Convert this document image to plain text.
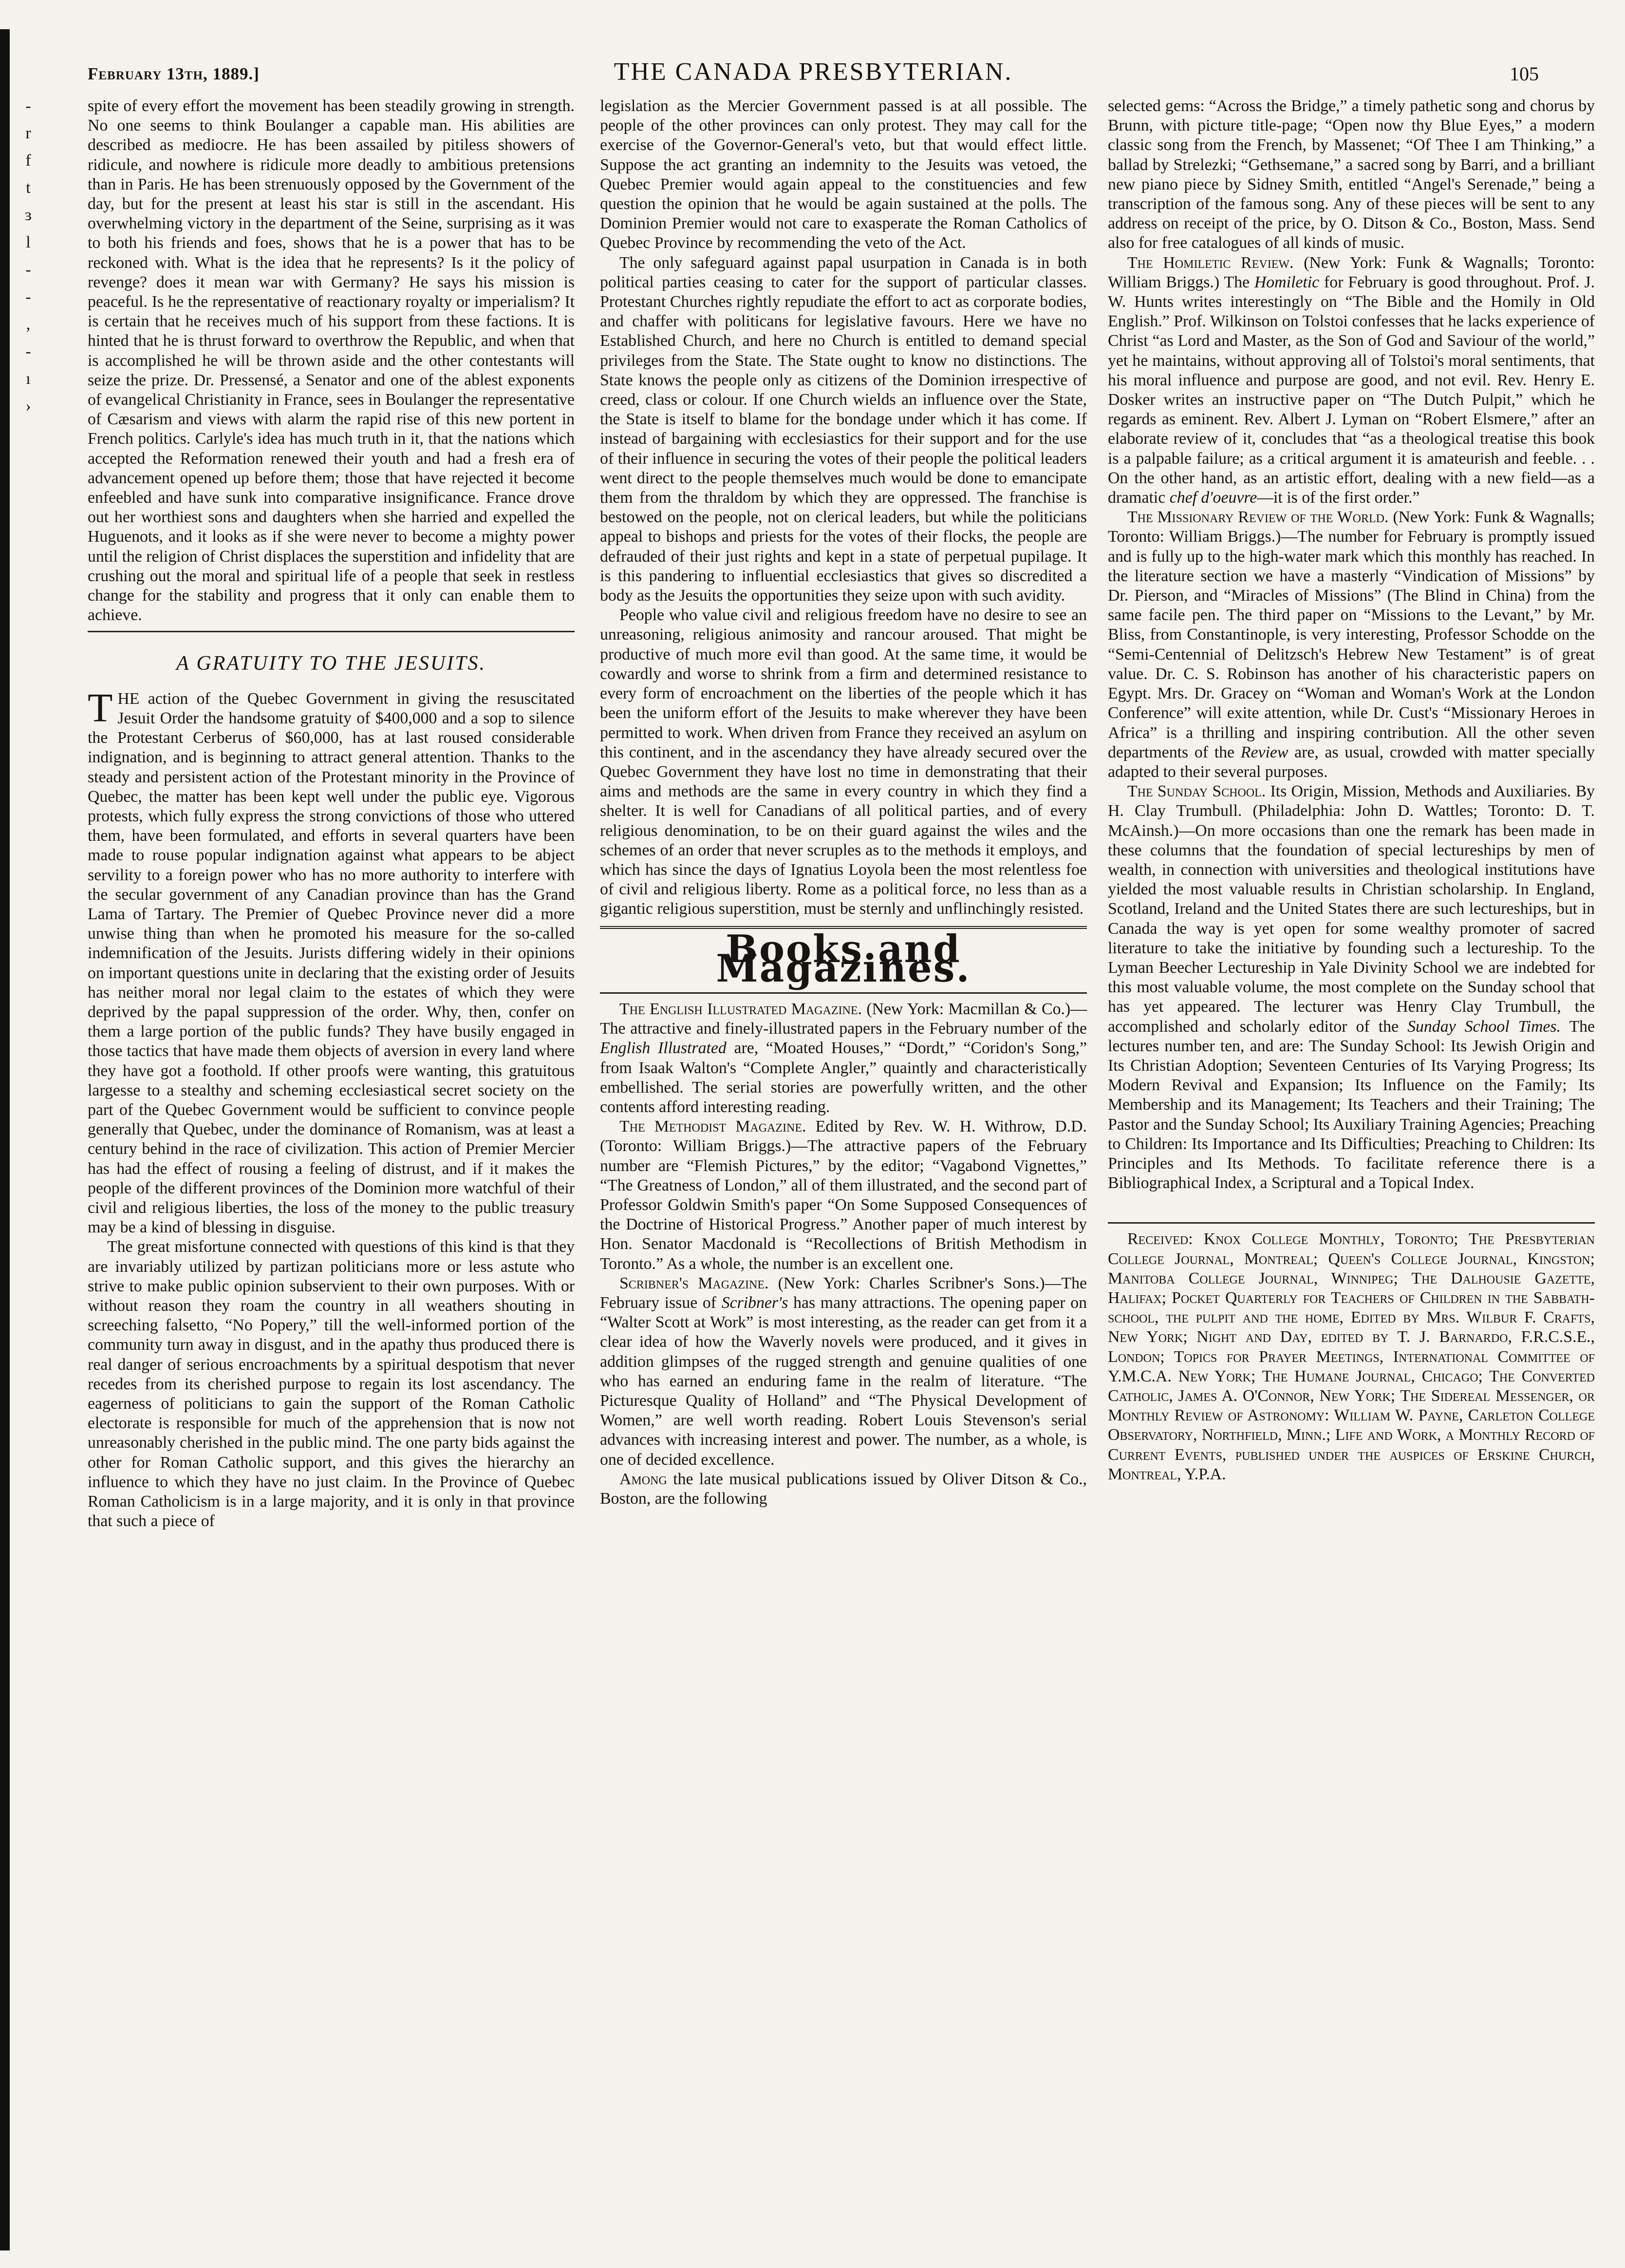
-
r
f
t
ɜ
l
-
-
,
-
ı
›
February 13th, 1889.]	THE CANADA PRESBYTERIAN.	105

spite of every effort the movement has been steadily growing in strength. No one seems to think Boulanger a capable man. His abilities are described as mediocre. He has been assailed by pitiless showers of ridicule, and nowhere is ridicule more deadly to ambitious pretensions than in Paris. He has been strenuously opposed by the Government of the day, but for the present at least his star is still in the ascendant. His overwhelming victory in the department of the Seine, surprising as it was to both his friends and foes, shows that he is a power that has to be reckoned with. What is the idea that he represents? Is it the policy of revenge? does it mean war with Germany? He says his mission is peaceful. Is he the representative of reactionary royalty or imperialism? It is certain that he receives much of his support from these factions. It is hinted that he is thrust forward to overthrow the Republic, and when that is accomplished he will be thrown aside and the other contestants will seize the prize. Dr. Pressensé, a Senator and one of the ablest exponents of evangelical Christianity in France, sees in Boulanger the representative of Cæsarism and views with alarm the rapid rise of this new portent in French politics. Carlyle's idea has much truth in it, that the nations which accepted the Reformation renewed their youth and had a fresh era of advancement opened up before them; those that have rejected it become enfeebled and have sunk into comparative insignificance. France drove out her worthiest sons and daughters when she harried and expelled the Huguenots, and it looks as if she were never to become a mighty power until the religion of Christ displaces the superstition and infidelity that are crushing out the moral and spiritual life of a people that seek in restless change for the stability and progress that it only can enable them to achieve.

A GRATUITY TO THE JESUITS.

THE action of the Quebec Government in giving the resuscitated Jesuit Order the handsome gratuity of $400,000 and a sop to silence the Protestant Cerberus of $60,000, has at last roused considerable indignation, and is beginning to attract general attention. Thanks to the steady and persistent action of the Protestant minority in the Province of Quebec, the matter has been kept well under the public eye. Vigorous protests, which fully express the strong convictions of those who uttered them, have been formulated, and efforts in several quarters have been made to rouse popular indignation against what appears to be abject servility to a foreign power who has no more authority to interfere with the secular government of any Canadian province than has the Grand Lama of Tartary. The Premier of Quebec Province never did a more unwise thing than when he promoted his measure for the so-called indemnification of the Jesuits. Jurists differing widely in their opinions on important questions unite in declaring that the existing order of Jesuits has neither moral nor legal claim to the estates of which they were deprived by the papal suppression of the order. Why, then, confer on them a large portion of the public funds? They have busily engaged in those tactics that have made them objects of aversion in every land where they have got a foothold. If other proofs were wanting, this gratuitous largesse to a stealthy and scheming ecclesiastical secret society on the part of the Quebec Government would be sufficient to convince people generally that Quebec, under the dominance of Romanism, was at least a century behind in the race of civilization. This action of Premier Mercier has had the effect of rousing a feeling of distrust, and if it makes the people of the different provinces of the Dominion more watchful of their civil and religious liberties, the loss of the money to the public treasury may be a kind of blessing in disguise.

The great misfortune connected with questions of this kind is that they are invariably utilized by partizan politicians more or less astute who strive to make public opinion subservient to their own purposes. With or without reason they roam the country in all weathers shouting in screeching falsetto, “No Popery,” till the well-informed portion of the community turn away in disgust, and in the apathy thus produced there is real danger of serious encroachments by a spiritual despotism that never recedes from its cherished purpose to regain its lost ascendancy. The eagerness of politicians to gain the support of the Roman Catholic electorate is responsible for much of the apprehension that is now not unreasonably cherished in the public mind. The one party bids against the other for Roman Catholic support, and this gives the hierarchy an influence to which they have no just claim. In the Province of Quebec Roman Catholicism is in a large majority, and it is only in that province that such a piece of

legislation as the Mercier Government passed is at all possible. The people of the other provinces can only protest. They may call for the exercise of the Governor-General's veto, but that would effect little. Suppose the act granting an indemnity to the Jesuits was vetoed, the Quebec Premier would again appeal to the constituencies and few question the opinion that he would be again sustained at the polls. The Dominion Premier would not care to exasperate the Roman Catholics of Quebec Province by recommending the veto of the Act.

The only safeguard against papal usurpation in Canada is in both political parties ceasing to cater for the support of particular classes. Protestant Churches rightly repudiate the effort to act as corporate bodies, and chaffer with politicans for legislative favours. Here we have no Established Church, and here no Church is entitled to demand special privileges from the State. The State ought to know no distinctions. The State knows the people only as citizens of the Dominion irrespective of creed, class or colour. If one Church wields an influence over the State, the State is itself to blame for the bondage under which it has come. If instead of bargaining with ecclesiastics for their support and for the use of their influence in securing the votes of their people the political leaders went direct to the people themselves much would be done to emancipate them from the thraldom by which they are oppressed. The franchise is bestowed on the people, not on clerical leaders, but while the politicians appeal to bishops and priests for the votes of their flocks, the people are defrauded of their just rights and kept in a state of perpetual pupilage. It is this pandering to influential ecclesiastics that gives so discredited a body as the Jesuits the opportunities they seize upon with such avidity.

People who value civil and religious freedom have no desire to see an unreasoning, religious animosity and rancour aroused. That might be productive of much more evil than good. At the same time, it would be cowardly and worse to shrink from a firm and determined resistance to every form of encroachment on the liberties of the people which it has been the uniform effort of the Jesuits to make wherever they have been permitted to work. When driven from France they received an asylum on this continent, and in the ascendancy they have already secured over the Quebec Government they have lost no time in demonstrating that their aims and methods are the same in every country in which they find a shelter. It is well for Canadians of all political parties, and of every religious denomination, to be on their guard against the wiles and the schemes of an order that never scruples as to the methods it employs, and which has since the days of Ignatius Loyola been the most relentless foe of civil and religious liberty. Rome as a political force, no less than as a gigantic religious superstition, must be sternly and unflinchingly resisted.

Books and Magazines.

The English Illustrated Magazine. (New York: Macmillan & Co.)—The attractive and finely-illustrated papers in the February number of the English Illustrated are, “Moated Houses,” “Dordt,” “Coridon's Song,” from Isaak Walton's “Complete Angler,” quaintly and characteristically embellished. The serial stories are powerfully written, and the other contents afford interesting reading.

The Methodist Magazine. Edited by Rev. W. H. Withrow, D.D. (Toronto: William Briggs.)—The attractive papers of the February number are “Flemish Pictures,” by the editor; “Vagabond Vignettes,” “The Greatness of London,” all of them illustrated, and the second part of Professor Goldwin Smith's paper “On Some Supposed Consequences of the Doctrine of Historical Progress.” Another paper of much interest by Hon. Senator Macdonald is “Recollections of British Methodism in Toronto.” As a whole, the number is an excellent one.

Scribner's Magazine. (New York: Charles Scribner's Sons.)—The February issue of Scribner's has many attractions. The opening paper on “Walter Scott at Work” is most interesting, as the reader can get from it a clear idea of how the Waverly novels were produced, and it gives in addition glimpses of the rugged strength and genuine qualities of one who has earned an enduring fame in the realm of literature. “The Picturesque Quality of Holland” and “The Physical Development of Women,” are well worth reading. Robert Louis Stevenson's serial advances with increasing interest and power. The number, as a whole, is one of decided excellence.

Among the late musical publications issued by Oliver Ditson & Co., Boston, are the following

selected gems: “Across the Bridge,” a timely pathetic song and chorus by Brunn, with picture title-page; “Open now thy Blue Eyes,” a modern classic song from the French, by Massenet; “Of Thee I am Thinking,” a ballad by Strelezki; “Gethsemane,” a sacred song by Barri, and a brilliant new piano piece by Sidney Smith, entitled “Angel's Serenade,” being a transcription of the famous song. Any of these pieces will be sent to any address on receipt of the price, by O. Ditson & Co., Boston, Mass. Send also for free catalogues of all kinds of music.

The Homiletic Review. (New York: Funk & Wagnalls; Toronto: William Briggs.) The Homiletic for February is good throughout. Prof. J. W. Hunts writes interestingly on “The Bible and the Homily in Old English.” Prof. Wilkinson on Tolstoi confesses that he lacks experience of Christ “as Lord and Master, as the Son of God and Saviour of the world,” yet he maintains, without approving all of Tolstoi's moral sentiments, that his moral influence and purpose are good, and not evil. Rev. Henry E. Dosker writes an instructive paper on “The Dutch Pulpit,” which he regards as eminent. Rev. Albert J. Lyman on “Robert Elsmere,” after an elaborate review of it, concludes that “as a theological treatise this book is a palpable failure; as a critical argument it is amateurish and feeble. . . On the other hand, as an artistic effort, dealing with a new field—as a dramatic chef d'oeuvre—it is of the first order.”

The Missionary Review of the World. (New York: Funk & Wagnalls; Toronto: William Briggs.)—The number for February is promptly issued and is fully up to the high-water mark which this monthly has reached. In the literature section we have a masterly “Vindication of Missions” by Dr. Pierson, and “Miracles of Missions” (The Blind in China) from the same facile pen. The third paper on “Missions to the Levant,” by Mr. Bliss, from Constantinople, is very interesting, Professor Schodde on the “Semi-Centennial of Delitzsch's Hebrew New Testament” is of great value. Dr. C. S. Robinson has another of his characteristic papers on Egypt. Mrs. Dr. Gracey on “Woman and Woman's Work at the London Conference” will exite attention, while Dr. Cust's “Missionary Heroes in Africa” is a thrilling and inspiring contribution. All the other seven departments of the Review are, as usual, crowded with matter specially adapted to their several purposes.

The Sunday School. Its Origin, Mission, Methods and Auxiliaries. By H. Clay Trumbull. (Philadelphia: John D. Wattles; Toronto: D. T. McAinsh.)—On more occasions than one the remark has been made in these columns that the foundation of special lectureships by men of wealth, in connection with universities and theological institutions have yielded the most valuable results in Christian scholarship. In England, Scotland, Ireland and the United States there are such lectureships, but in Canada the way is yet open for some wealthy promoter of sacred literature to take the initiative by founding such a lectureship. To the Lyman Beecher Lectureship in Yale Divinity School we are indebted for this most valuable volume, the most complete on the Sunday school that has yet appeared. The lecturer was Henry Clay Trumbull, the accomplished and scholarly editor of the Sunday School Times. The lectures number ten, and are: The Sunday School: Its Jewish Origin and Its Christian Adoption; Seventeen Centuries of Its Varying Progress; Its Modern Revival and Expansion; Its Influence on the Family; Its Membership and its Management; Its Teachers and their Training; The Pastor and the Sunday School; Its Auxiliary Training Agencies; Preaching to Children: Its Importance and Its Difficulties; Preaching to Children: Its Principles and Its Methods. To facilitate reference there is a Bibliographical Index, a Scriptural and a Topical Index.

Received: Knox College Monthly, Toronto; The Presbyterian College Journal, Montreal; Queen's College Journal, Kingston; Manitoba College Journal, Winnipeg; The Dalhousie Gazette, Halifax; Pocket Quarterly for Teachers of Children in the Sabbath-school, the pulpit and the home, Edited by Mrs. Wilbur F. Crafts, New York; Night and Day, edited by T. J. Barnardo, F.R.C.S.E., London; Topics for Prayer Meetings, International Committee of Y.M.C.A. New York; The Humane Journal, Chicago; The Converted Catholic, James A. O'Connor, New York; The Sidereal Messenger, or Monthly Review of Astronomy: William W. Payne, Carleton College Observatory, Northfield, Minn.; Life and Work, a Monthly Record of Current Events, published under the auspices of Erskine Church, Montreal, Y.P.A.
